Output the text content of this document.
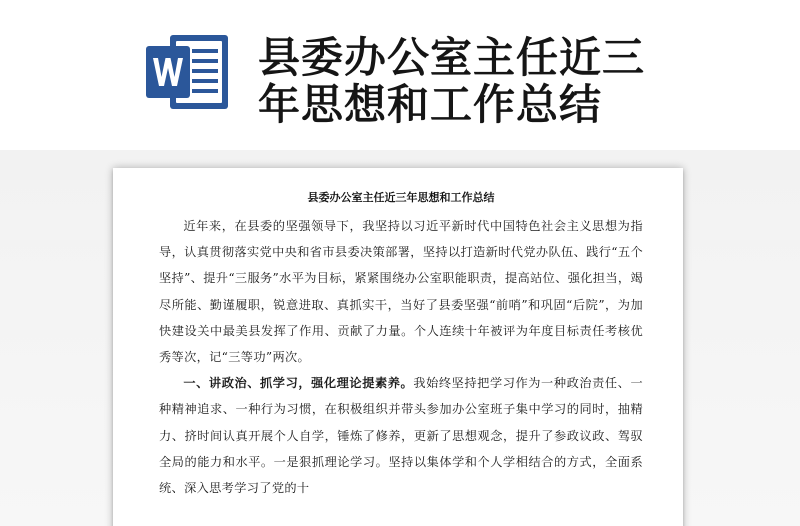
县委办公室主任近三
年思想和工作总结
县委办公室主任近三年思想和工作总结

近年来，在县委的坚强领导下，我坚持以习近平新时代中国特色社会主义思想为指导，认真贯彻落实党中央和省市县委决策部署，坚持以打造新时代党办队伍、践行“五个坚持”、提升“三服务”水平为目标，紧紧围绕办公室职能职责，提高站位、强化担当，竭尽所能、勤谨履职，锐意进取、真抓实干，当好了县委坚强“前哨”和巩固“后院”，为加快建设关中最美县发挥了作用、贡献了力量。个人连续十年被评为年度目标责任考核优秀等次，记“三等功”两次。

一、讲政治、抓学习，强化理论提素养。我始终坚持把学习作为一种政治责任、一种精神追求、一种行为习惯，在积极组织并带头参加办公室班子集中学习的同时，抽精力、挤时间认真开展个人自学，锤炼了修养，更新了思想观念，提升了参政议政、驾驭全局的能力和水平。一是狠抓理论学习。坚持以集体学和个人学相结合的方式，全面系统、深入思考学习了党的十
